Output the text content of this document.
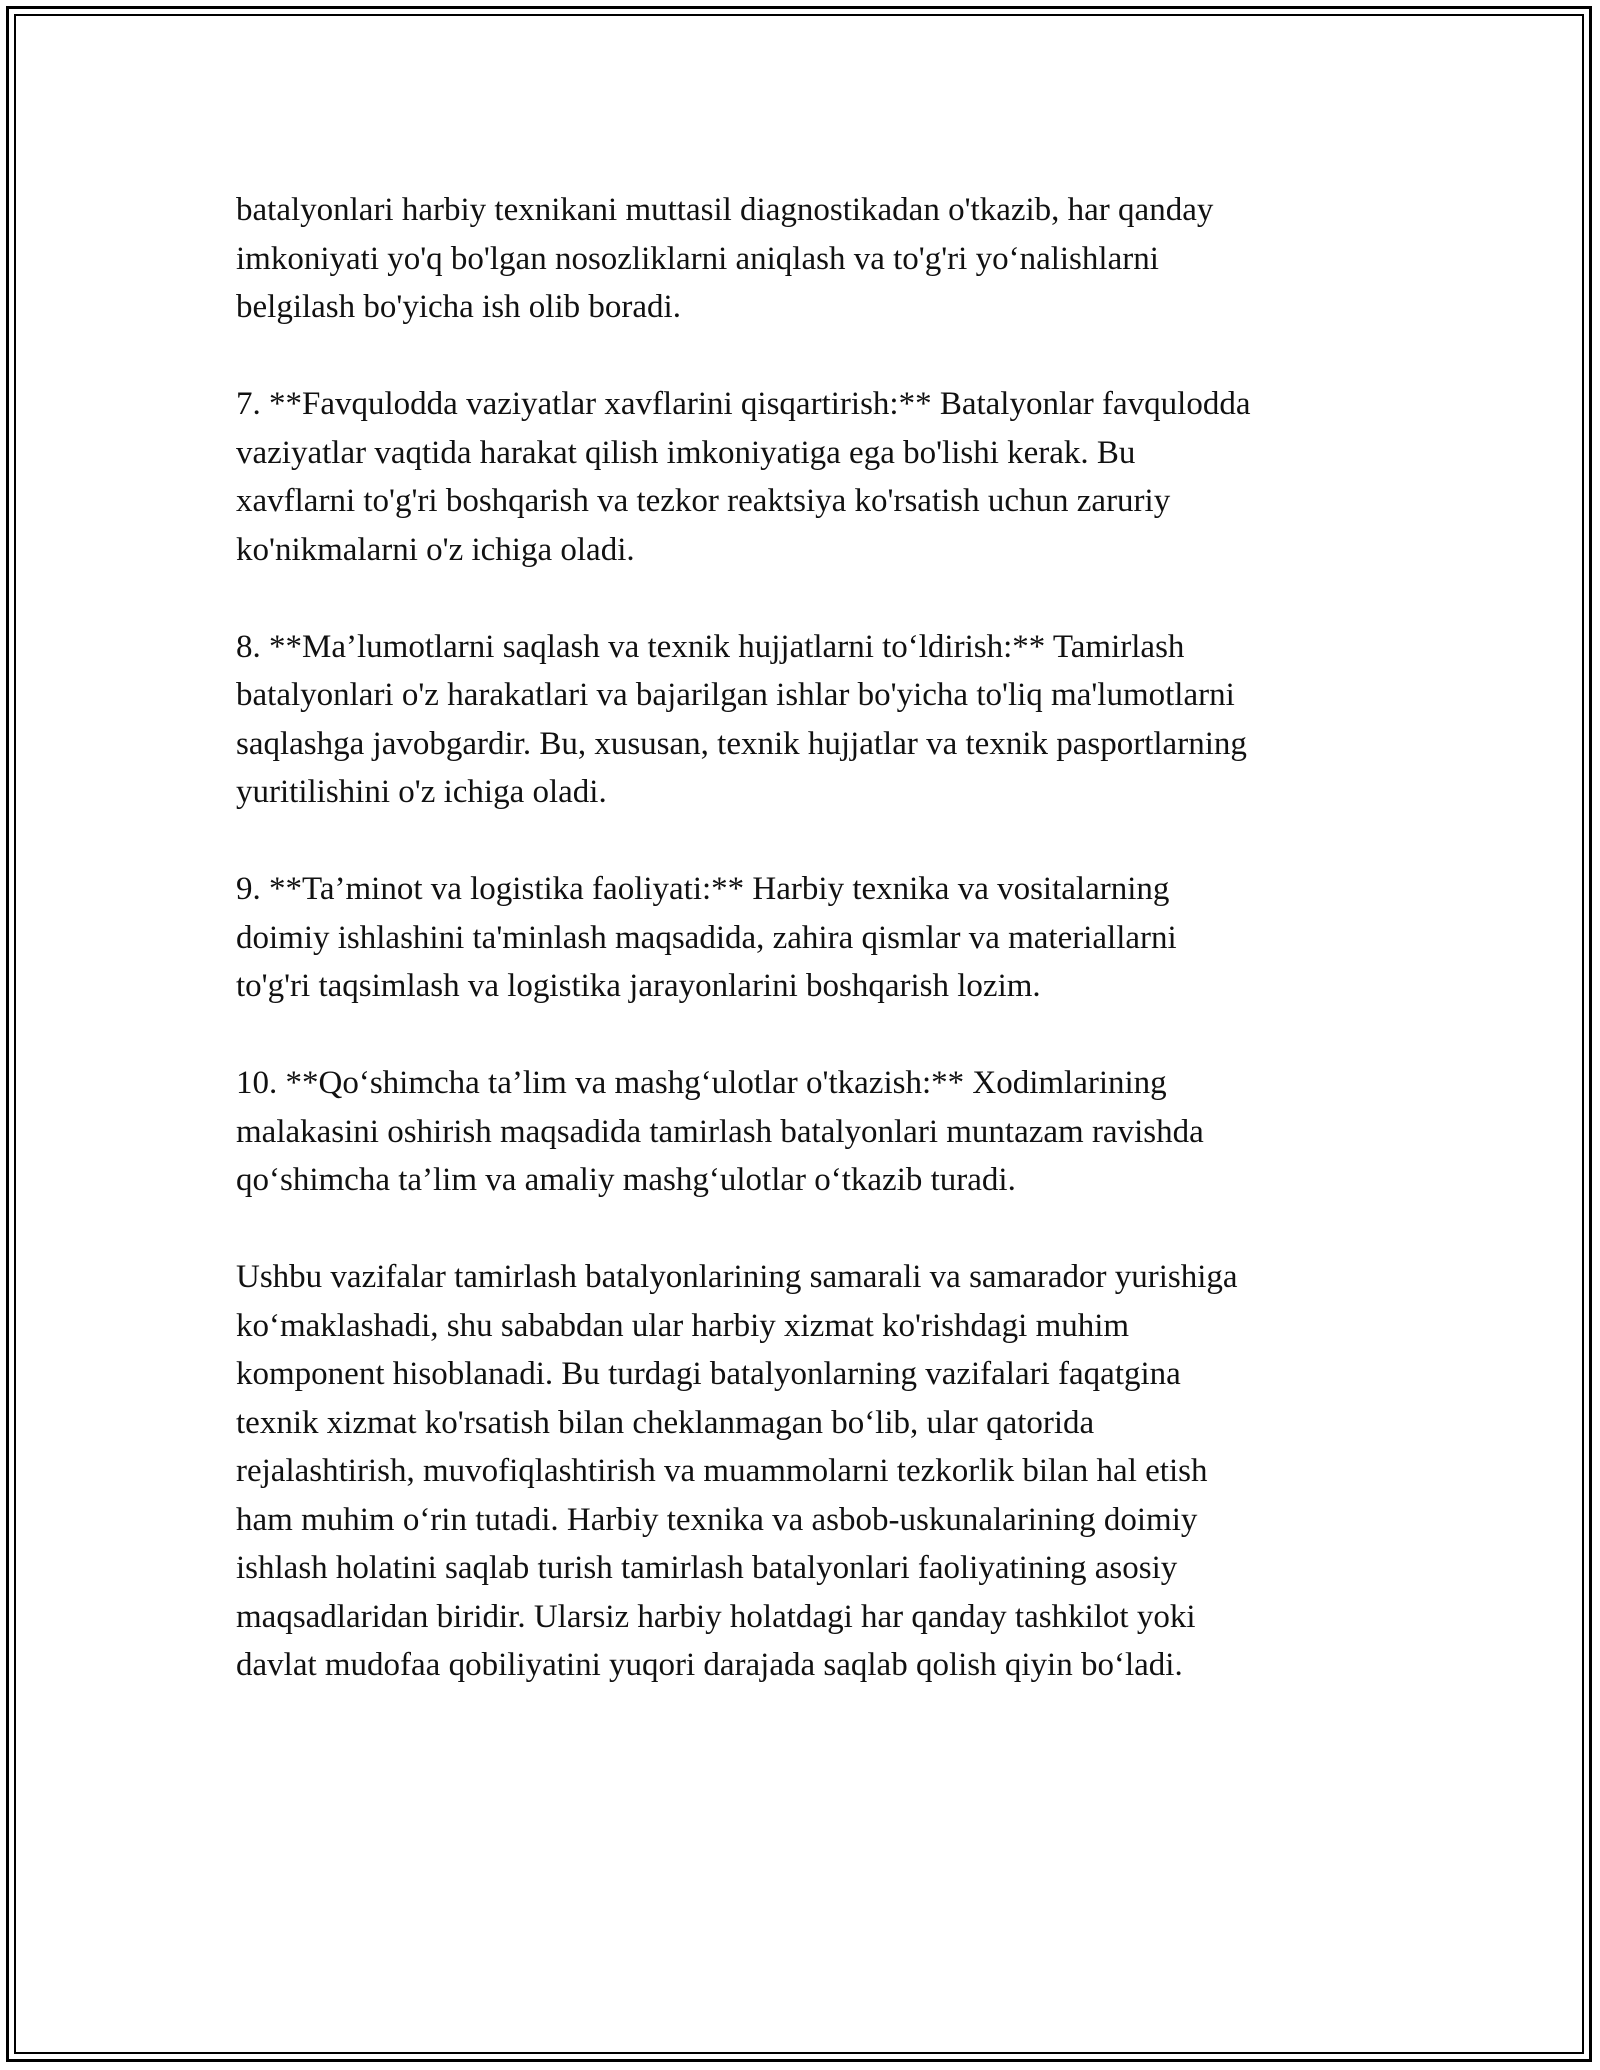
batalyonlari harbiy texnikani muttasil diagnostikadan o'tkazib, har qanday
imkoniyati yo'q bo'lgan nosozliklarni aniqlash va to'g'ri yo‘nalishlarni
belgilash bo'yicha ish olib boradi.

7. **Favqulodda vaziyatlar xavflarini qisqartirish:** Batalyonlar favqulodda
vaziyatlar vaqtida harakat qilish imkoniyatiga ega bo'lishi kerak. Bu
xavflarni to'g'ri boshqarish va tezkor reaktsiya ko'rsatish uchun zaruriy
ko'nikmalarni o'z ichiga oladi.

8. **Ma’lumotlarni saqlash va texnik hujjatlarni to‘ldirish:** Tamirlash
batalyonlari o'z harakatlari va bajarilgan ishlar bo'yicha to'liq ma'lumotlarni
saqlashga javobgardir. Bu, xususan, texnik hujjatlar va texnik pasportlarning
yuritilishini o'z ichiga oladi.

9. **Ta’minot va logistika faoliyati:** Harbiy texnika va vositalarning
doimiy ishlashini ta'minlash maqsadida, zahira qismlar va materiallarni
to'g'ri taqsimlash va logistika jarayonlarini boshqarish lozim.

10. **Qo‘shimcha ta’lim va mashg‘ulotlar o'tkazish:** Xodimlarining
malakasini oshirish maqsadida tamirlash batalyonlari muntazam ravishda
qo‘shimcha ta’lim va amaliy mashg‘ulotlar o‘tkazib turadi.

Ushbu vazifalar tamirlash batalyonlarining samarali va samarador yurishiga
ko‘maklashadi, shu sababdan ular harbiy xizmat ko'rishdagi muhim
komponent hisoblanadi. Bu turdagi batalyonlarning vazifalari faqatgina
texnik xizmat ko'rsatish bilan cheklanmagan bo‘lib, ular qatorida
rejalashtirish, muvofiqlashtirish va muammolarni tezkorlik bilan hal etish
ham muhim o‘rin tutadi. Harbiy texnika va asbob-uskunalarining doimiy
ishlash holatini saqlab turish tamirlash batalyonlari faoliyatining asosiy
maqsadlaridan biridir. Ularsiz harbiy holatdagi har qanday tashkilot yoki
davlat mudofaa qobiliyatini yuqori darajada saqlab qolish qiyin bo‘ladi.
